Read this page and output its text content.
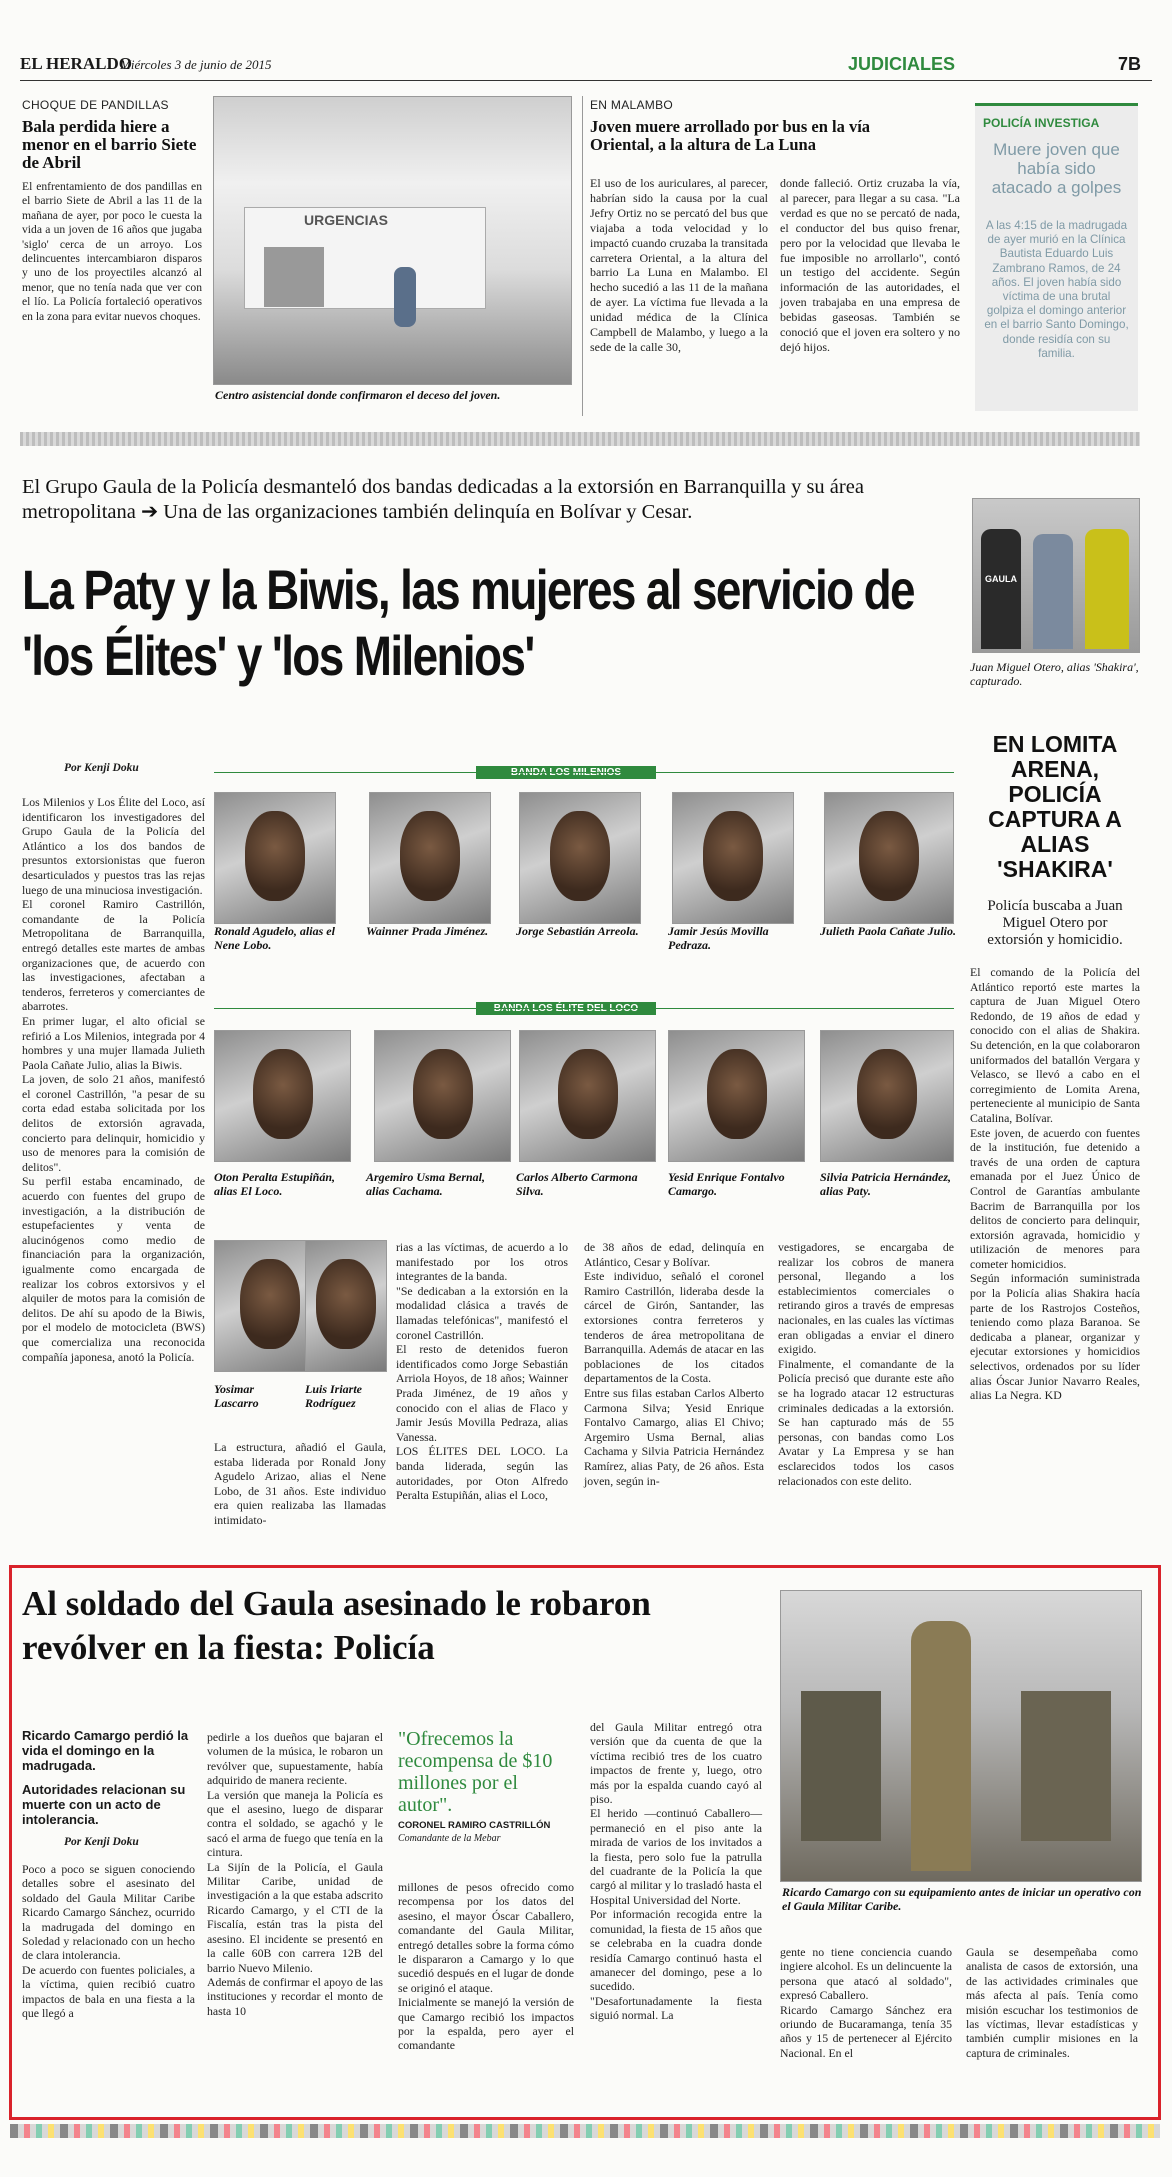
EL HERALDO
Miércoles 3 de junio de 2015	JUDICIALES	7B
CHOQUE DE PANDILLAS
Bala perdida hiere a menor en el barrio Siete de Abril
El enfrentamiento de dos pandillas en el barrio Siete de Abril a las 11 de la mañana de ayer, por poco le cuesta la vida a un joven de 16 años que jugaba 'siglo' cerca de un arroyo. Los delincuentes intercambiaron disparos y uno de los proyectiles alcanzó al menor, que no tenía nada que ver con el lío. La Policía fortaleció operativos en la zona para evitar nuevos choques.
URGENCIAS
Centro asistencial donde confirmaron el deceso del joven.
EN MALAMBO
Joven muere arrollado por bus en la vía Oriental, a la altura de La Luna
El uso de los auriculares, al parecer, habrían sido la causa por la cual Jefry Ortiz no se percató del bus que viajaba a toda velocidad y lo impactó cuando cruzaba la transitada carretera Oriental, a la altura del barrio La Luna en Malambo. El hecho sucedió a las 11 de la mañana de ayer. La víctima fue llevada a la unidad médica de la Clínica Campbell de Malambo, y luego a la sede de la calle 30,
donde falleció. Ortiz cruzaba la vía, al parecer, para llegar a su casa. "La verdad es que no se percató de nada, el conductor del bus quiso frenar, pero por la velocidad que llevaba le fue imposible no arrollarlo", contó un testigo del accidente. Según información de las autoridades, el joven trabajaba en una empresa de bebidas gaseosas. También se conoció que el joven era soltero y no dejó hijos.
POLICÍA INVESTIGA
Muere joven que había sido atacado a golpes
A las 4:15 de la madrugada de ayer murió en la Clínica Bautista Eduardo Luis Zambrano Ramos, de 24 años. El joven había sido víctima de una brutal golpiza el domingo anterior en el barrio Santo Domingo, donde residía con su familia.
El Grupo Gaula de la Policía desmanteló dos bandas dedicadas a la extorsión en Barranquilla y su área metropolitana ➔ Una de las organizaciones también delinquía en Bolívar y Cesar.
La Paty y la Biwis, las mujeres al servicio de 'los Élites' y 'los Milenios'
GAULA
Juan Miguel Otero, alias 'Shakira', capturado.
Por Kenji Doku
Los Milenios y Los Élite del Loco, así identificaron los investigadores del Grupo Gaula de la Policía del Atlántico a los dos bandos de presuntos extorsionistas que fueron desarticulados y puestos tras las rejas luego de una minuciosa investigación.
El coronel Ramiro Castrillón, comandante de la Policía Metropolitana de Barranquilla, entregó detalles este martes de ambas organizaciones que, de acuerdo con las investigaciones, afectaban a tenderos, ferreteros y comerciantes de abarrotes.
En primer lugar, el alto oficial se refirió a Los Milenios, integrada por 4 hombres y una mujer llamada Julieth Paola Cañate Julio, alias la Biwis.
La joven, de solo 21 años, manifestó el coronel Castrillón, "a pesar de su corta edad estaba solicitada por los delitos de extorsión agravada, concierto para delinquir, homicidio y uso de menores para la comisión de delitos".
Su perfil estaba encaminado, de acuerdo con fuentes del grupo de investigación, a la distribución de estupefacientes y venta de alucinógenos como medio de financiación para la organización, igualmente como encargada de realizar los cobros extorsivos y el alquiler de motos para la comisión de delitos. De ahí su apodo de la Biwis, por el modelo de motocicleta (BWS) que comercializa una reconocida compañía japonesa, anotó la Policía.
Ronald Agudelo, alias el Nene Lobo.
Wainner Prada Jiménez.	Jorge Sebastián Arreola.	Jamir Jesús Movilla Pedraza.
Julieth Paola Cañate Julio.
Oton Peralta Estupiñán, alias El Loco.
Argemiro Usma Bernal, alias Cachama.
Carlos Alberto Carmona Silva.
Yesid Enrique Fontalvo Camargo.
Silvia Patricia Hernández, alias Paty.
Yosimar Lascarro
Luis Iriarte Rodríguez
La estructura, añadió el Gaula, estaba liderada por Ronald Jony Agudelo Arizao, alias el Nene Lobo, de 31 años. Este individuo era quien realizaba las llamadas intimidato-
rias a las víctimas, de acuerdo a lo manifestado por los otros integrantes de la banda.
"Se dedicaban a la extorsión en la modalidad clásica a través de llamadas telefónicas", manifestó el coronel Castrillón.
El resto de detenidos fueron identificados como Jorge Sebastián Arriola Hoyos, de 18 años; Wainner Prada Jiménez, de 19 años y conocido con el alias de Flaco y Jamir Jesús Movilla Pedraza, alias Vanessa.
LOS ÉLITES DEL LOCO. La banda liderada, según las autoridades, por Oton Alfredo Peralta Estupiñán, alias el Loco,
de 38 años de edad, delinquía en Atlántico, Cesar y Bolívar.
Este individuo, señaló el coronel Ramiro Castrillón, lideraba desde la cárcel de Girón, Santander, las extorsiones contra ferreteros y tenderos de área metropolitana de Barranquilla. Además de atacar en las poblaciones de los citados departamentos de la Costa.
Entre sus filas estaban Carlos Alberto Carmona Silva; Yesid Enrique Fontalvo Camargo, alias El Chivo; Argemiro Usma Bernal, alias Cachama y Silvia Patricia Hernández Ramírez, alias Paty, de 26 años. Esta joven, según in-
vestigadores, se encargaba de realizar los cobros de manera personal, llegando a los establecimientos comerciales o retirando giros a través de empresas nacionales, en las cuales las víctimas eran obligadas a enviar el dinero exigido.
Finalmente, el comandante de la Policía precisó que durante este año se ha logrado atacar 12 estructuras criminales dedicadas a la extorsión. Se han capturado más de 55 personas, con bandas como Los Avatar y La Empresa y se han esclarecidos todos los casos relacionados con este delito.
EN LOMITA ARENA, POLICÍA CAPTURA A ALIAS 'SHAKIRA'
Policía buscaba a Juan Miguel Otero por extorsión y homicidio.
El comando de la Policía del Atlántico reportó este martes la captura de Juan Miguel Otero Redondo, de 19 años de edad y conocido con el alias de Shakira. Su detención, en la que colaboraron uniformados del batallón Vergara y Velasco, se llevó a cabo en el corregimiento de Lomita Arena, perteneciente al municipio de Santa Catalina, Bolívar.
Este joven, de acuerdo con fuentes de la institución, fue detenido a través de una orden de captura emanada por el Juez Único de Control de Garantías ambulante Bacrim de Barranquilla por los delitos de concierto para delinquir, extorsión agravada, homicidio y utilización de menores para cometer homicidios.
Según información suministrada por la Policía alias Shakira hacía parte de los Rastrojos Costeños, teniendo como plaza Baranoa. Se dedicaba a planear, organizar y ejecutar extorsiones y homicidios selectivos, ordenados por su líder alias Óscar Junior Navarro Reales, alias La Negra. KD
Al soldado del Gaula asesinado le robaron revólver en la fiesta: Policía
Ricardo Camargo perdió la vida el domingo en la madrugada.
Autoridades relacionan su muerte con un acto de intolerancia.
Por Kenji Doku
Poco a poco se siguen conociendo detalles sobre el asesinato del soldado del Gaula Militar Caribe Ricardo Camargo Sánchez, ocurrido la madrugada del domingo en Soledad y relacionado con un hecho de clara intolerancia.
De acuerdo con fuentes policiales, a la víctima, quien recibió cuatro impactos de bala en una fiesta a la que llegó a
pedirle a los dueños que bajaran el volumen de la música, le robaron un revólver que, supuestamente, había adquirido de manera reciente.
La versión que maneja la Policía es que el asesino, luego de disparar contra el soldado, se agachó y le sacó el arma de fuego que tenía en la cintura.
La Sijín de la Policía, el Gaula Militar Caribe, unidad de investigación a la que estaba adscrito Ricardo Camargo, y el CTI de la Fiscalía, están tras la pista del asesino. El incidente se presentó en la calle 60B con carrera 12B del barrio Nuevo Milenio.
Además de confirmar el apoyo de las instituciones y recordar el monto de hasta 10
"Ofrecemos la recompensa de $10 millones por el autor".
CORONEL RAMIRO CASTRILLÓN
Comandante de la Mebar
millones de pesos ofrecido como recompensa por los datos del asesino, el mayor Óscar Caballero, comandante del Gaula Militar, entregó detalles sobre la forma cómo le dispararon a Camargo y lo que sucedió después en el lugar de donde se originó el ataque.
Inicialmente se manejó la versión de que Camargo recibió los impactos por la espalda, pero ayer el comandante
del Gaula Militar entregó otra versión que da cuenta de que la víctima recibió tres de los cuatro impactos de frente y, luego, otro más por la espalda cuando cayó al piso.
El herido —continuó Caballero— permaneció en el piso ante la mirada de varios de los invitados a la fiesta, pero solo fue la patrulla del cuadrante de la Policía la que cargó al militar y lo trasladó hasta el Hospital Universidad del Norte.
Por información recogida entre la comunidad, la fiesta de 15 años que se celebraba en la cuadra donde residía Camargo continuó hasta el amanecer del domingo, pese a lo sucedido.
"Desafortunadamente la fiesta siguió normal. La
Ricardo Camargo con su equipamiento antes de iniciar un operativo con el Gaula Militar Caribe.
gente no tiene conciencia cuando ingiere alcohol. Es un delincuente la persona que atacó al soldado", expresó Caballero.
Ricardo Camargo Sánchez era oriundo de Bucaramanga, tenía 35 años y 15 de pertenecer al Ejército Nacional. En el
Gaula se desempeñaba como analista de casos de extorsión, una de las actividades criminales que más afecta al país. Tenía como misión escuchar los testimonios de las víctimas, llevar estadísticas y también cumplir misiones en la captura de criminales.
